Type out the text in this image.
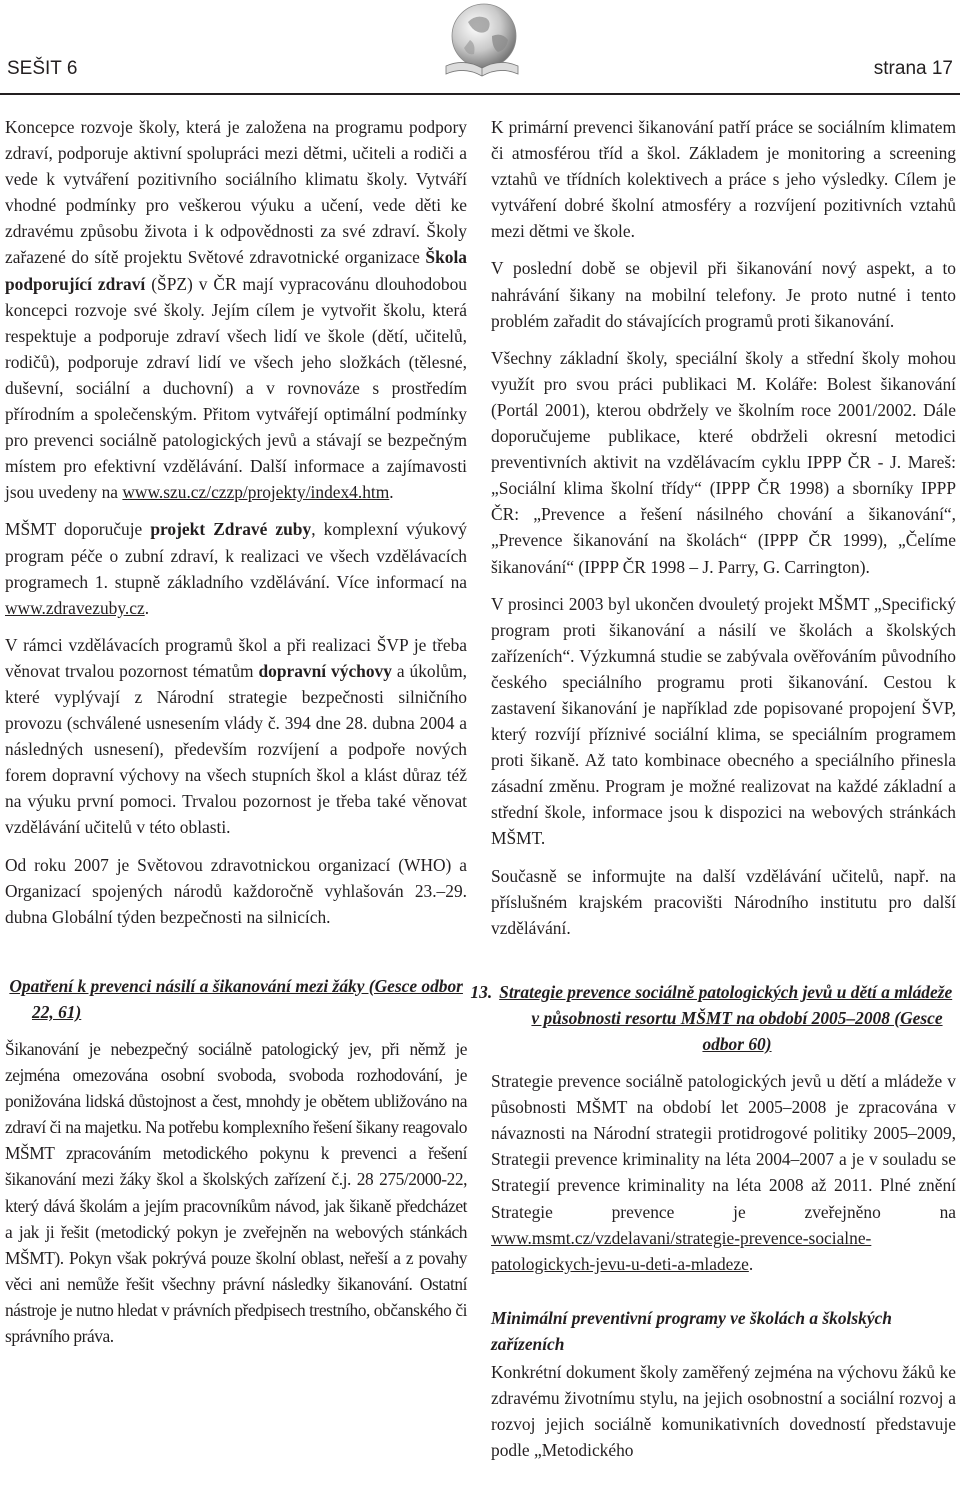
SEŠIT 6	strana 17

Koncepce rozvoje školy, která je založena na programu podpory zdraví, podporuje aktivní spolupráci mezi dětmi, učiteli a rodiči a vede k vytváření pozitivního sociálního klimatu školy. Vytváří vhodné podmínky pro veškerou výuku a učení, vede děti ke zdravému způsobu života i k odpovědnosti za své zdraví. Školy zařazené do sítě projektu Světové zdravotnické organizace Škola podporující zdraví (ŠPZ) v ČR mají vypracovánu dlouhodobou koncepci rozvoje své školy. Jejím cílem je vytvořit školu, která respektuje a podporuje zdraví všech lidí ve škole (dětí, učitelů, rodičů), podporuje zdraví lidí ve všech jeho složkách (tělesné, duševní, sociální a duchovní) a v rovnováze s prostředím přírodním a společenským. Přitom vytvářejí optimální podmínky pro prevenci sociálně patologických jevů a stávají se bezpečným místem pro efektivní vzdělávání. Další informace a zajímavosti jsou uvedeny na www.szu.cz/czzp/projekty/index4.htm.

MŠMT doporučuje projekt Zdravé zuby, komplexní výukový program péče o zubní zdraví, k realizaci ve všech vzdělávacích programech 1. stupně základního vzdělávání. Více informací na www.zdravezuby.cz.

V rámci vzdělávacích programů škol a při realizaci ŠVP je třeba věnovat trvalou pozornost tématům dopravní výchovy a úkolům, které vyplývají z Národní strategie bezpečnosti silničního provozu (schválené usnesením vlády č. 394 dne 28. dubna 2004 a následných usnesení), především rozvíjení a podpoře nových forem dopravní výchovy na všech stupních škol a klást důraz též na výuku první pomoci. Trvalou pozornost je třeba také věnovat vzdělávání učitelů v této oblasti.

Od roku 2007 je Světovou zdravotnickou organizací (WHO) a Organizací spojených národů každoročně vyhlašován 23.–29. dubna Globální týden bezpečnosti na silnicích.

Opatření k prevenci násilí a šikanování mezi žáky (Gesce odbor 22, 61)

Šikanování je nebezpečný sociálně patologický jev, při němž je zejména omezována osobní svoboda, svoboda rozhodování, je ponižována lidská důstojnost a čest, mnohdy je obětem ubližováno na zdraví či na majetku. Na potřebu komplexního řešení šikany reagovalo MŠMT zpracováním metodického pokynu k prevenci a řešení šikanování mezi žáky škol a školských zařízení č.j. 28 275/2000-22, který dává školám a jejím pracovníkům návod, jak šikaně předcházet a jak ji řešit (metodický pokyn je zveřejněn na webových stánkách MŠMT). Pokyn však pokrývá pouze školní oblast, neřeší a z povahy věci ani nemůže řešit všechny právní následky šikanování. Ostatní nástroje je nutno hledat v právních předpisech trestního, občanského či správního práva.

K primární prevenci šikanování patří práce se sociálním klimatem či atmosférou tříd a škol. Základem je monitoring a screening vztahů ve třídních kolektivech a práce s jeho výsledky. Cílem je vytváření dobré školní atmosféry a rozvíjení pozitivních vztahů mezi dětmi ve škole.

V poslední době se objevil při šikanování nový aspekt, a to nahrávání šikany na mobilní telefony. Je proto nutné i tento problém zařadit do stávajících programů proti šikanování.

Všechny základní školy, speciální školy a střední školy mohou využít pro svou práci publikaci M. Koláře: Bolest šikanování (Portál 2001), kterou obdržely ve školním roce 2001/2002. Dále doporučujeme publikace, které obdrželi okresní metodici preventivních aktivit na vzdělávacím cyklu IPPP ČR - J. Mareš: „Sociální klima školní třídy“ (IPPP ČR 1998) a sborníky IPPP ČR: „Prevence a řešení násilného chování a šikanování“, „Prevence šikanování na školách“ (IPPP ČR 1999), „Čelíme šikanování“ (IPPP ČR 1998 – J. Parry, G. Carrington).

V prosinci 2003 byl ukončen dvouletý projekt MŠMT „Specifický program proti šikanování a násilí ve školách a školských zařízeních“. Výzkumná studie se zabývala ověřováním původního českého speciálního programu proti šikanování. Cestou k zastavení šikanování je například zde popisované propojení ŠVP, který rozvíjí příznivé sociální klima, se speciálním programem proti šikaně. Až tato kombinace obecného a speciálního přinesla zásadní změnu. Program je možné realizovat na každé základní a střední škole, informace jsou k dispozici na webových stránkách MŠMT.

Současně se informujte na další vzdělávání učitelů, např. na příslušném krajském pracovišti Národního institutu pro další vzdělávání.

13. Strategie prevence sociálně patologických jevů u dětí a mládeže v působnosti resortu MŠMT na období 2005–2008 (Gesce odbor 60)

Strategie prevence sociálně patologických jevů u dětí a mládeže v působnosti MŠMT na období let 2005–2008 je zpracována v návaznosti na Národní strategii protidrogové politiky 2005–2009, Strategii prevence kriminality na léta 2004–2007 a je v souladu se Strategií prevence kriminality na léta 2008 až 2011. Plné znění Strategie prevence je zveřejněno na www.msmt.cz/vzdelavani/strategie-prevence-socialne-patologickych-jevu-u-deti-a-mladeze.

Minimální preventivní programy ve školách a školských zařízeních

Konkrétní dokument školy zaměřený zejména na výchovu žáků ke zdravému životnímu stylu, na jejich osobnostní a sociální rozvoj a rozvoj jejich sociálně komunikativních dovedností představuje podle „Metodického
